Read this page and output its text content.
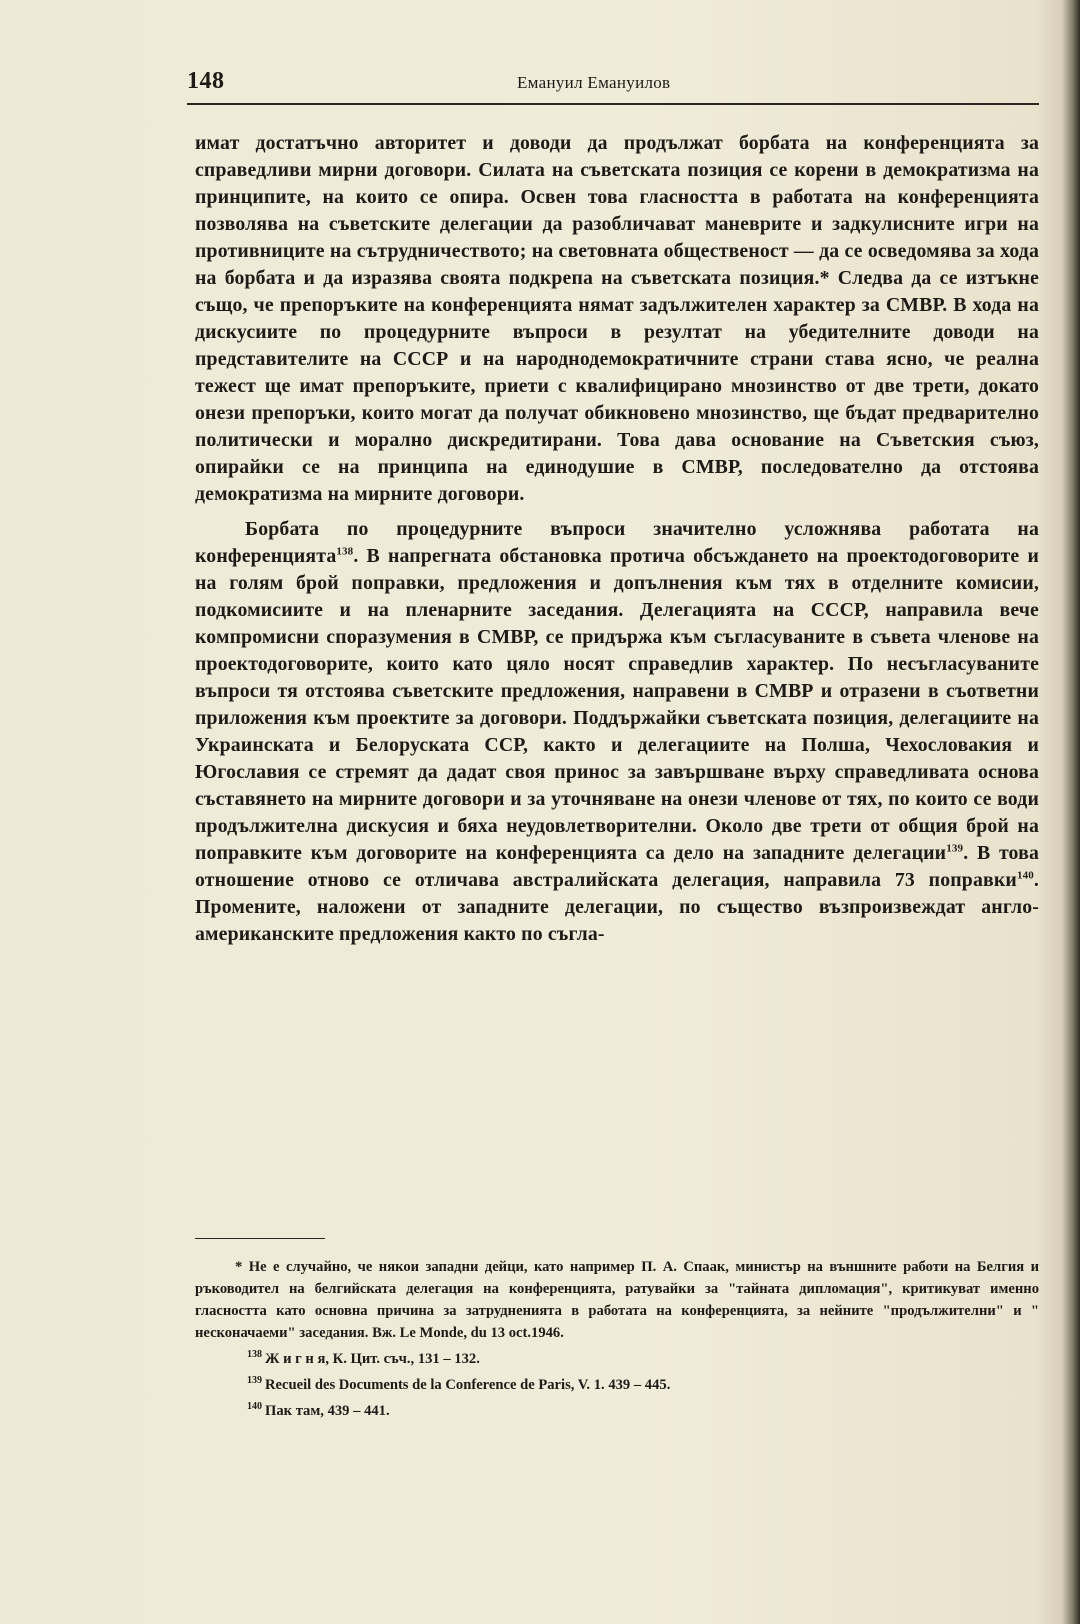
148	Емануил Емануилов

имат достатъчно авторитет и доводи да продължат борбата на конференцията за справедливи мирни договори. Силата на съветската позиция се корени в демократизма на принципите, на които се опира. Освен това гласността в работата на конференцията позволява на съветските делегации да разобличават маневрите и задкулисните игри на противниците на сътрудничеството; на световната общественост — да се осведомява за хода на борбата и да изразява своята подкрепа на съветската позиция.* Следва да се изтъкне също, че препоръките на конференцията нямат задължителен характер за СМВР. В хода на дискусиите по процедурните въпроси в резултат на убедителните доводи на представителите на СССР и на народнодемократичните страни става ясно, че реална тежест ще имат препоръките, приети с квалифицирано мнозинство от две трети, докато онези препоръки, които могат да получат обикновено мнозинство, ще бъдат предварително политически и морално дискредитирани. Това дава основание на Съветския съюз, опирайки се на принципа на единодушие в СМВР, последователно да отстоява демократизма на мирните договори.

Борбата по процедурните въпроси значително усложнява работата на конференцията$^{138}$. В напрегната обстановка протича обсъждането на проектодоговорите и на голям брой поправки, предложения и допълнения към тях в отделните комисии, подкомисиите и на пленарните заседания. Делегацията на СССР, направила вече компромисни споразумения в СМВР, се придържа към съгласуваните в съвета членове на проектодоговорите, които като цяло носят справедлив характер. По несъгласуваните въпроси тя отстоява съветските предложения, направени в СМВР и отразени в съответни приложения към проектите за договори. Поддържайки съветската позиция, делегациите на Украинската и Белоруската ССР, както и делегациите на Полша, Чехословакия и Югославия се стремят да дадат своя принос за завършване върху справедливата основа съставянето на мирните договори и за уточняване на онези членове от тях, по които се води продължителна дискусия и бяха неудовлетворителни. Около две трети от общия брой на поправките към договорите на конференцията са дело на западните делегации$^{139}$. В това отношение отново се отличава австралийската делегация, направила 73 поправки$^{140}$. Промените, наложени от западните делегации, по същество възпроизвеждат англо-американските предложения както по съгла-

* Не е случайно, че някои западни дейци, като например П. А. Спаак, министър на външните работи на Белгия и ръководител на белгийската делегация на конференцията, ратувайки за "тайната дипломация", критикуват именно гласността като основна причина за затрудненията в работата на конференцията, за нейните "продължителни" и " несконачаеми" заседания. Вж. Le Monde, du 13 oct.1946.

$^{138}$ Ж и г н я, К. Цит. съч., 131 – 132.

$^{139}$ Recueil des Documents de la Conference de Paris, V. 1. 439 – 445.

$^{140}$ Пак там, 439 – 441.
